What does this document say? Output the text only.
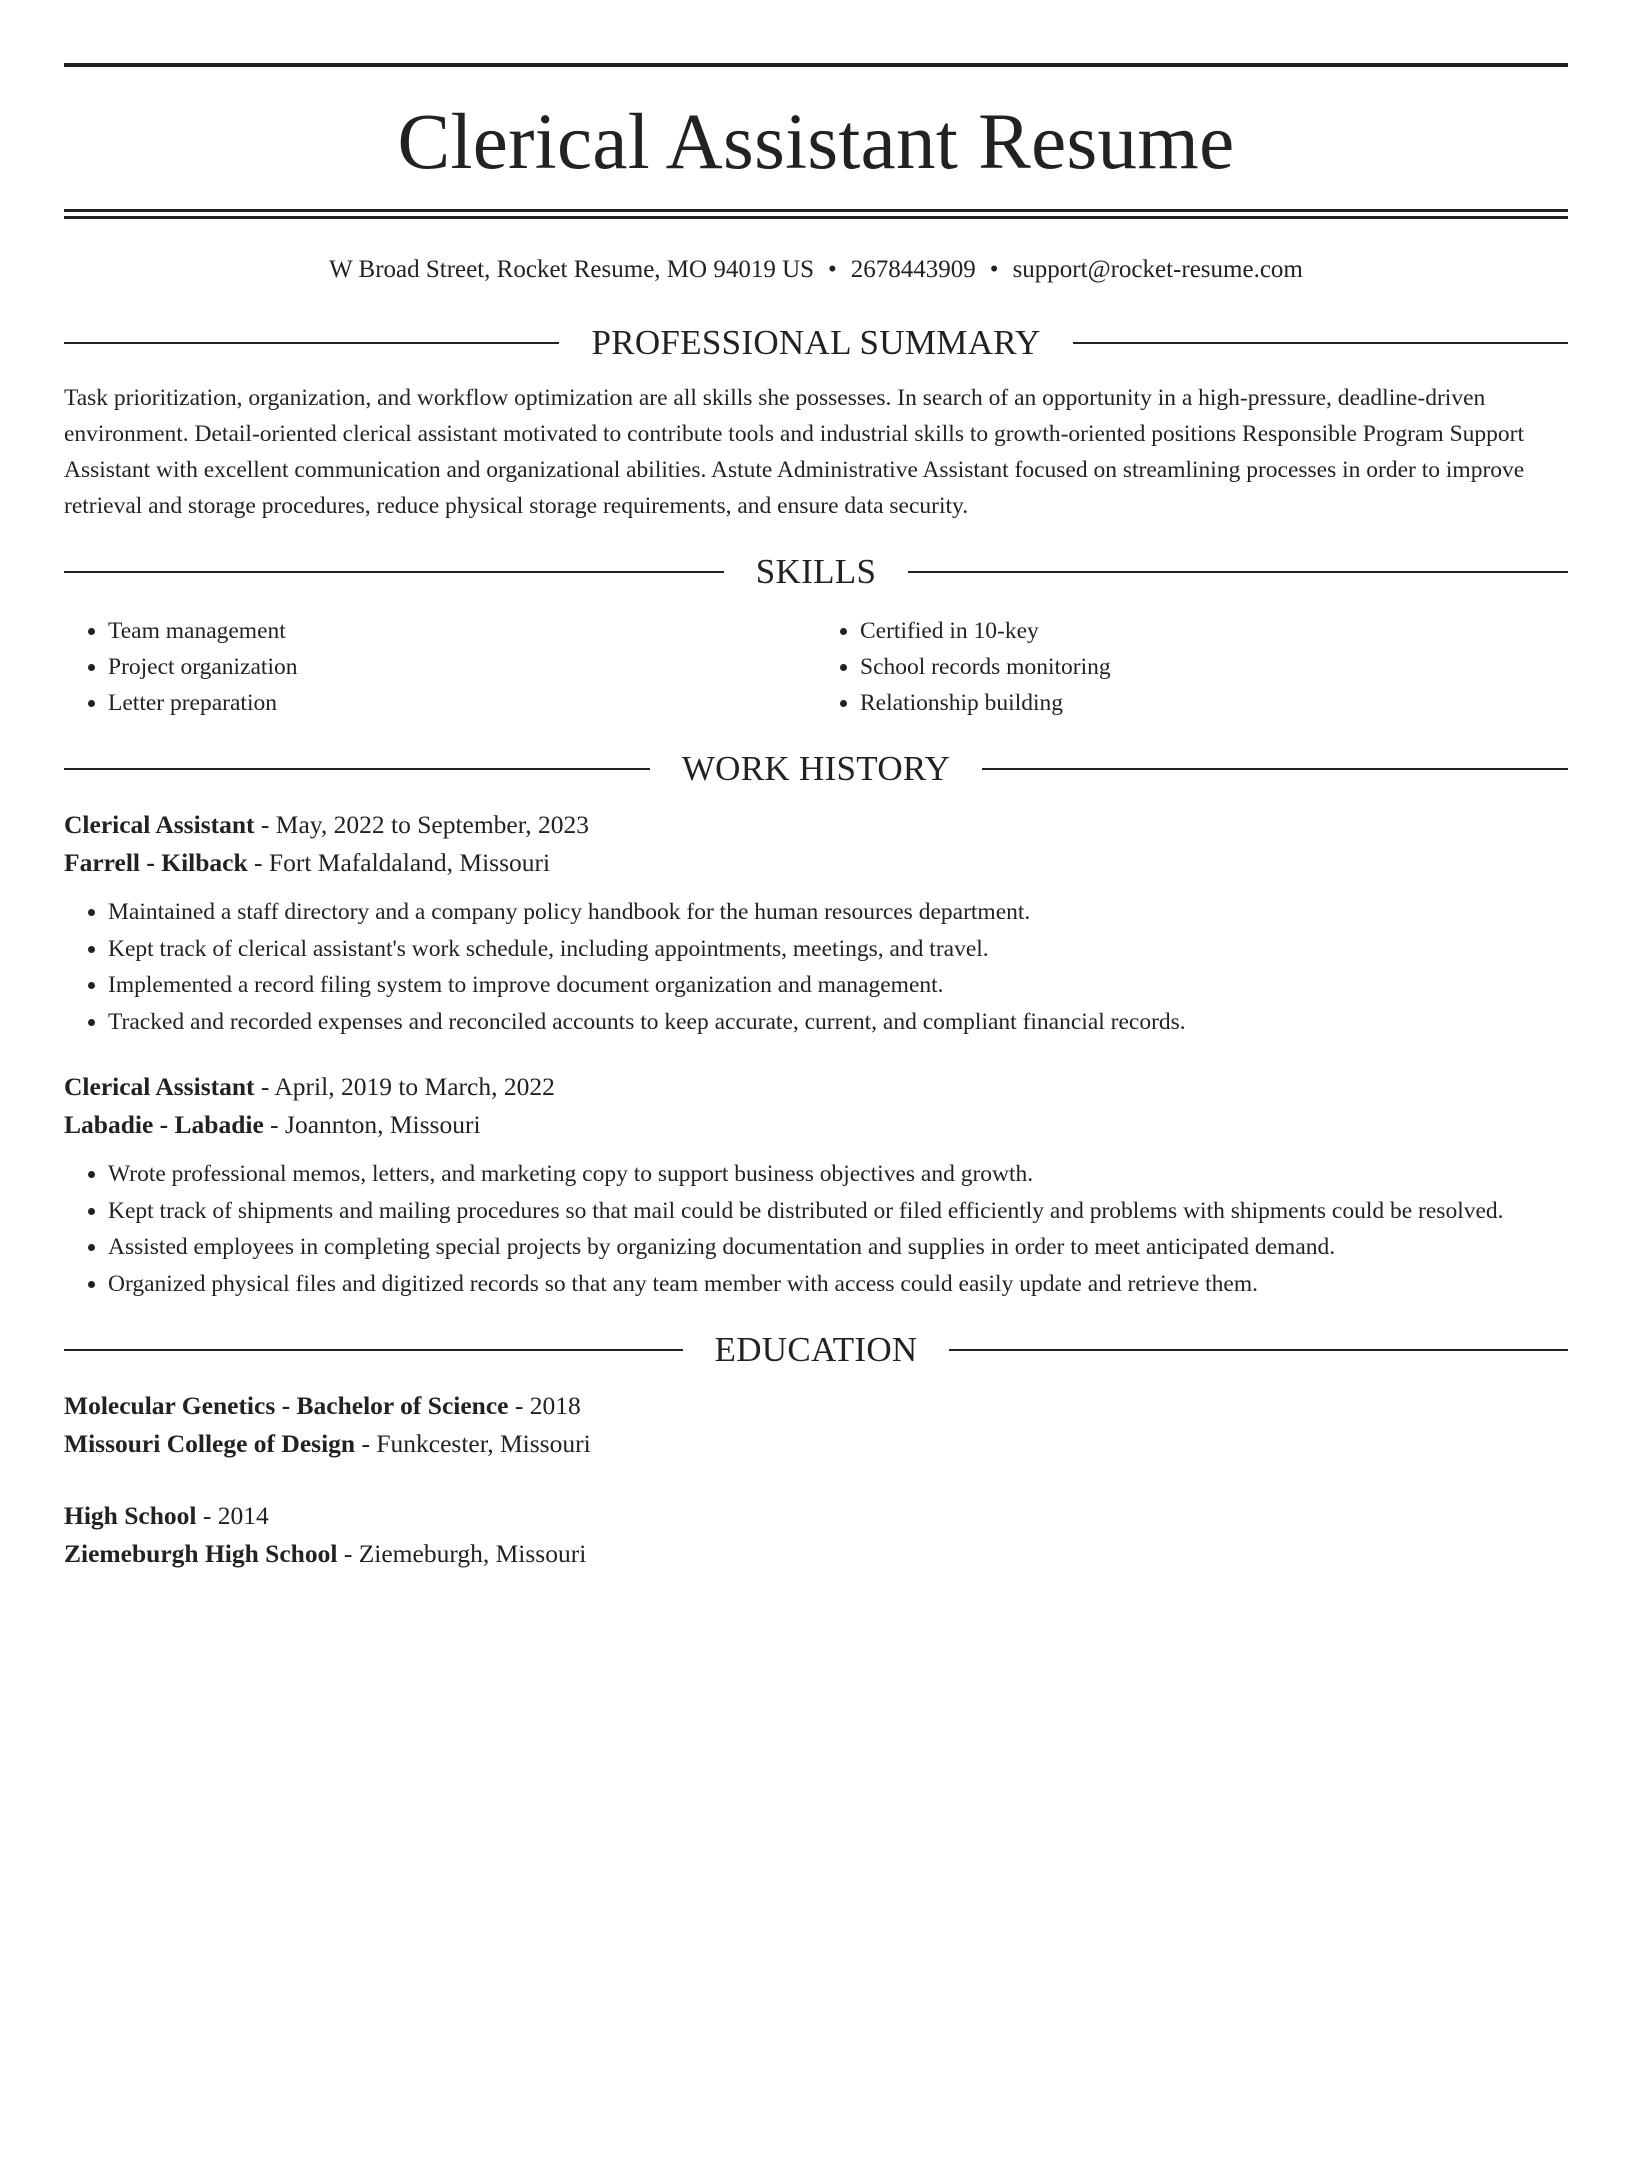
Clerical Assistant Resume
W Broad Street, Rocket Resume, MO 94019 US • 2678443909 • support@rocket-resume.com
PROFESSIONAL SUMMARY
Task prioritization, organization, and workflow optimization are all skills she possesses. In search of an opportunity in a high-pressure, deadline-driven environment. Detail-oriented clerical assistant motivated to contribute tools and industrial skills to growth-oriented positions Responsible Program Support Assistant with excellent communication and organizational abilities. Astute Administrative Assistant focused on streamlining processes in order to improve retrieval and storage procedures, reduce physical storage requirements, and ensure data security.
SKILLS
• Team management
• Project organization
• Letter preparation
• Certified in 10-key
• School records monitoring
• Relationship building
WORK HISTORY
Clerical Assistant - May, 2022 to September, 2023
Farrell - Kilback - Fort Mafaldaland, Missouri
• Maintained a staff directory and a company policy handbook for the human resources department.
• Kept track of clerical assistant's work schedule, including appointments, meetings, and travel.
• Implemented a record filing system to improve document organization and management.
• Tracked and recorded expenses and reconciled accounts to keep accurate, current, and compliant financial records.
Clerical Assistant - April, 2019 to March, 2022
Labadie - Labadie - Joannton, Missouri
• Wrote professional memos, letters, and marketing copy to support business objectives and growth.
• Kept track of shipments and mailing procedures so that mail could be distributed or filed efficiently and problems with shipments could be resolved.
• Assisted employees in completing special projects by organizing documentation and supplies in order to meet anticipated demand.
• Organized physical files and digitized records so that any team member with access could easily update and retrieve them.
EDUCATION
Molecular Genetics - Bachelor of Science - 2018
Missouri College of Design - Funkcester, Missouri
High School - 2014
Ziemeburgh High School - Ziemeburgh, Missouri
